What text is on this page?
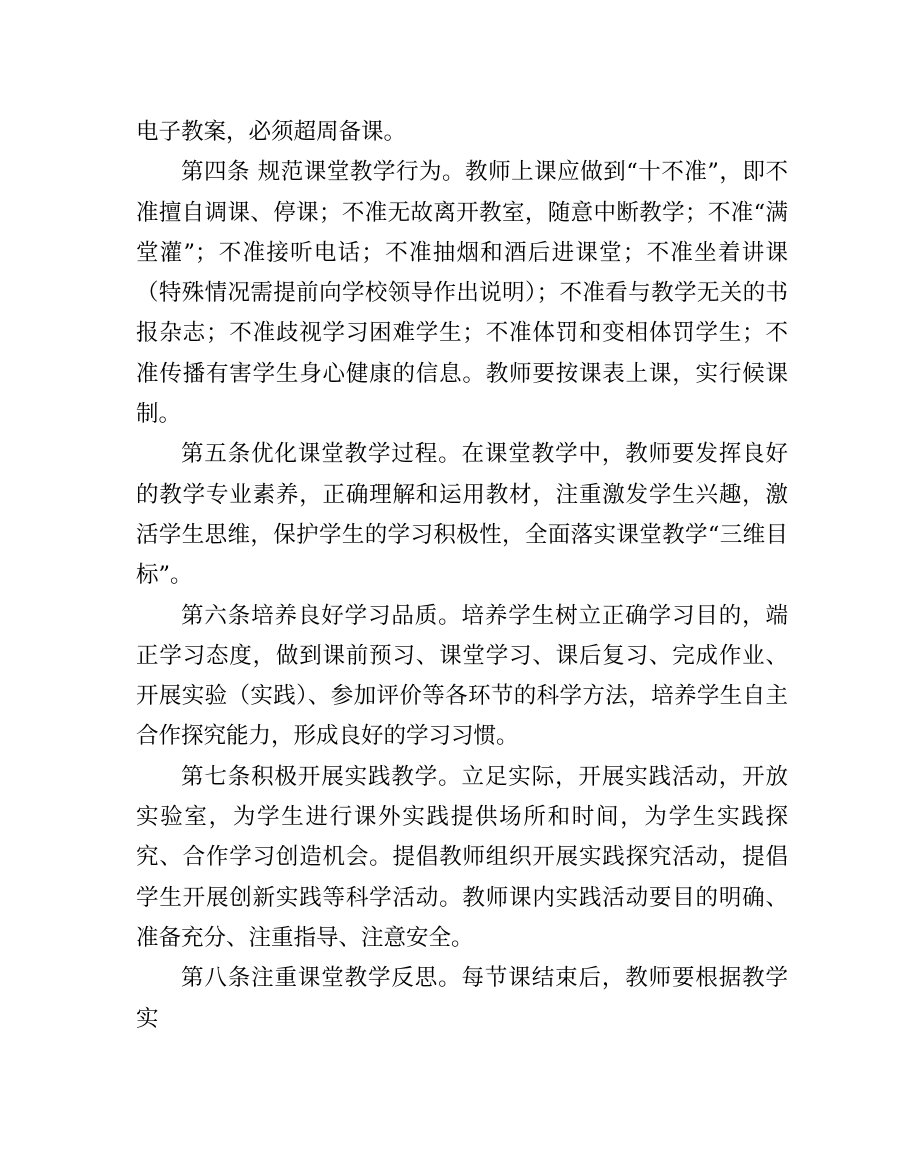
电子教案，必须超周备课。

第四条 规范课堂教学行为。教师上课应做到“十不准”，即不准擅自调课、停课；不准无故离开教室，随意中断教学；不准“满堂灌”；不准接听电话；不准抽烟和酒后进课堂；不准坐着讲课（特殊情况需提前向学校领导作出说明）；不准看与教学无关的书报杂志；不准歧视学习困难学生；不准体罚和变相体罚学生；不准传播有害学生身心健康的信息。教师要按课表上课，实行候课制。

第五条优化课堂教学过程。在课堂教学中，教师要发挥良好的教学专业素养，正确理解和运用教材，注重激发学生兴趣，激活学生思维，保护学生的学习积极性，全面落实课堂教学“三维目标”。

第六条培养良好学习品质。培养学生树立正确学习目的，端正学习态度，做到课前预习、课堂学习、课后复习、完成作业、开展实验（实践）、参加评价等各环节的科学方法，培养学生自主合作探究能力，形成良好的学习习惯。

第七条积极开展实践教学。立足实际，开展实践活动，开放实验室，为学生进行课外实践提供场所和时间，为学生实践探究、合作学习创造机会。提倡教师组织开展实践探究活动，提倡学生开展创新实践等科学活动。教师课内实践活动要目的明确、准备充分、注重指导、注意安全。

第八条注重课堂教学反思。每节课结束后，教师要根据教学实
